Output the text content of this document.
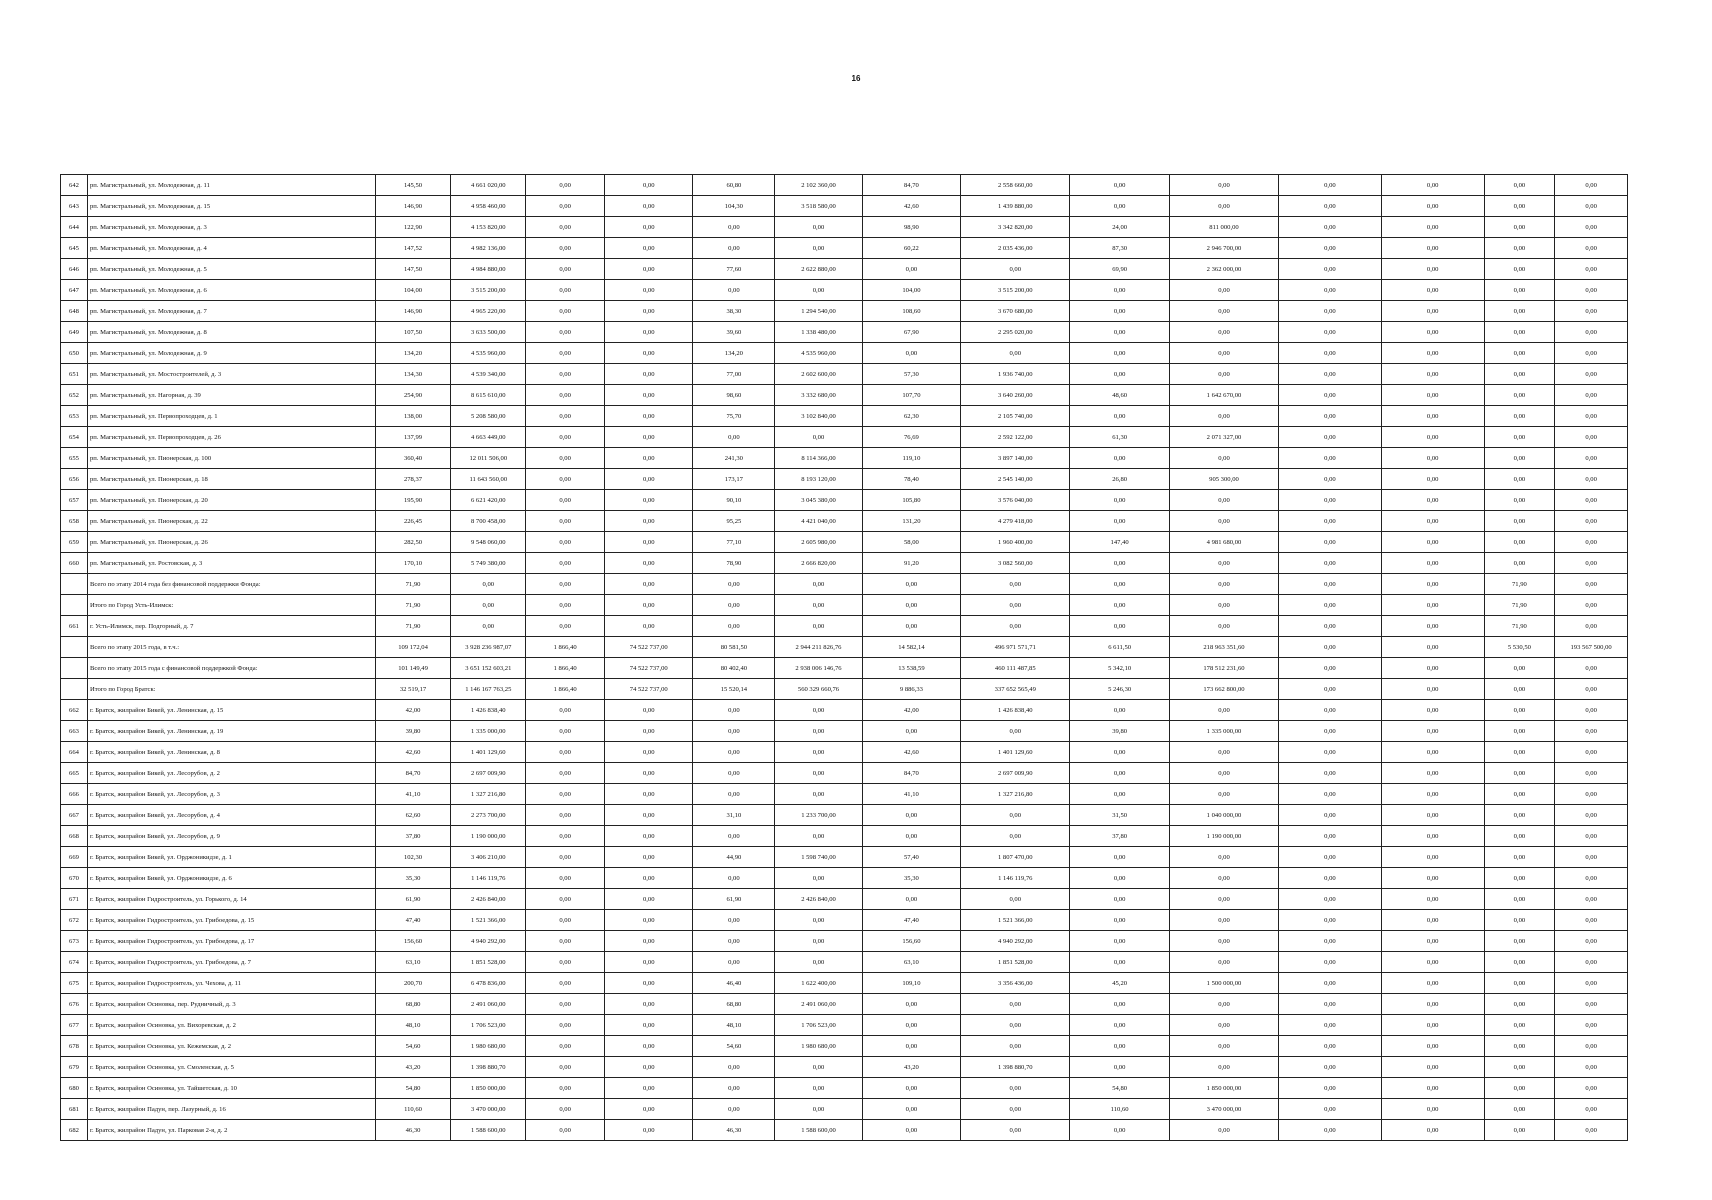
16
642	рп. Магистральный, ул. Молодежная, д. 11	145,50	4 661 020,00	0,00	0,00	60,80	2 102 360,00	84,70	2 558 660,00	0,00	0,00	0,00	0,00	0,00	0,00
643	рп. Магистральный, ул. Молодежная, д. 15	146,90	4 958 460,00	0,00	0,00	104,30	3 518 580,00	42,60	1 439 880,00	0,00	0,00	0,00	0,00	0,00	0,00
644	рп. Магистральный, ул. Молодежная, д. 3	122,90	4 153 820,00	0,00	0,00	0,00	0,00	98,90	3 342 820,00	24,00	811 000,00	0,00	0,00	0,00	0,00
645	рп. Магистральный, ул. Молодежная, д. 4	147,52	4 982 136,00	0,00	0,00	0,00	0,00	60,22	2 035 436,00	87,30	2 946 700,00	0,00	0,00	0,00	0,00
646	рп. Магистральный, ул. Молодежная, д. 5	147,50	4 984 880,00	0,00	0,00	77,60	2 622 880,00	0,00	0,00	69,90	2 362 000,00	0,00	0,00	0,00	0,00
647	рп. Магистральный, ул. Молодежная, д. 6	104,00	3 515 200,00	0,00	0,00	0,00	0,00	104,00	3 515 200,00	0,00	0,00	0,00	0,00	0,00	0,00
648	рп. Магистральный, ул. Молодежная, д. 7	146,90	4 965 220,00	0,00	0,00	38,30	1 294 540,00	108,60	3 670 680,00	0,00	0,00	0,00	0,00	0,00	0,00
649	рп. Магистральный, ул. Молодежная, д. 8	107,50	3 633 500,00	0,00	0,00	39,60	1 338 480,00	67,90	2 295 020,00	0,00	0,00	0,00	0,00	0,00	0,00
650	рп. Магистральный, ул. Молодежная, д. 9	134,20	4 535 960,00	0,00	0,00	134,20	4 535 960,00	0,00	0,00	0,00	0,00	0,00	0,00	0,00	0,00
651	рп. Магистральный, ул. Мостостроителей, д. 3	134,30	4 539 340,00	0,00	0,00	77,00	2 602 600,00	57,30	1 936 740,00	0,00	0,00	0,00	0,00	0,00	0,00
652	рп. Магистральный, ул. Нагорная, д. 39	254,90	8 615 610,00	0,00	0,00	98,60	3 332 680,00	107,70	3 640 260,00	48,60	1 642 670,00	0,00	0,00	0,00	0,00
653	рп. Магистральный, ул. Первопроходцев, д. 1	138,00	5 208 580,00	0,00	0,00	75,70	3 102 840,00	62,30	2 105 740,00	0,00	0,00	0,00	0,00	0,00	0,00
654	рп. Магистральный, ул. Первопроходцев, д. 26	137,99	4 663 449,00	0,00	0,00	0,00	0,00	76,69	2 592 122,00	61,30	2 071 327,00	0,00	0,00	0,00	0,00
655	рп. Магистральный, ул. Пионерская, д. 100	360,40	12 011 506,00	0,00	0,00	241,30	8 114 366,00	119,10	3 897 140,00	0,00	0,00	0,00	0,00	0,00	0,00
656	рп. Магистральный, ул. Пионерская, д. 18	278,37	11 643 560,00	0,00	0,00	173,17	8 193 120,00	78,40	2 545 140,00	26,80	905 300,00	0,00	0,00	0,00	0,00
657	рп. Магистральный, ул. Пионерская, д. 20	195,90	6 621 420,00	0,00	0,00	90,10	3 045 380,00	105,80	3 576 040,00	0,00	0,00	0,00	0,00	0,00	0,00
658	рп. Магистральный, ул. Пионерская, д. 22	226,45	8 700 458,00	0,00	0,00	95,25	4 421 040,00	131,20	4 279 418,00	0,00	0,00	0,00	0,00	0,00	0,00
659	рп. Магистральный, ул. Пионерская, д. 26	282,50	9 548 060,00	0,00	0,00	77,10	2 605 980,00	58,00	1 960 400,00	147,40	4 981 680,00	0,00	0,00	0,00	0,00
660	рп. Магистральный, ул. Ростовская, д. 3	170,10	5 749 380,00	0,00	0,00	78,90	2 666 820,00	91,20	3 082 560,00	0,00	0,00	0,00	0,00	0,00	0,00
	Всего по этапу 2014 года без финансовой поддержки Фонда:	71,90	0,00	0,00	0,00	0,00	0,00	0,00	0,00	0,00	0,00	0,00	0,00	71,90	0,00
	Итого по Город Усть-Илимск:	71,90	0,00	0,00	0,00	0,00	0,00	0,00	0,00	0,00	0,00	0,00	0,00	71,90	0,00
661	г. Усть-Илимск, пер. Подгорный, д. 7	71,90	0,00	0,00	0,00	0,00	0,00	0,00	0,00	0,00	0,00	0,00	0,00	71,90	0,00
	Всего по этапу 2015 года, в т.ч.:	109 172,04	3 928 236 987,07	1 866,40	74 522 737,00	80 581,50	2 944 211 826,76	14 582,14	496 971 571,71	6 611,50	218 963 351,60	0,00	0,00	5 530,50	193 567 500,00
	Всего по этапу 2015 года с финансовой поддержкой Фонда:	101 149,49	3 651 152 603,21	1 866,40	74 522 737,00	80 402,40	2 938 006 146,76	13 538,59	460 111 487,85	5 342,10	178 512 231,60	0,00	0,00	0,00	0,00
	Итого по Город Братск:	32 519,17	1 146 167 763,25	1 866,40	74 522 737,00	15 520,14	560 329 660,76	9 886,33	337 652 565,49	5 246,30	173 662 800,00	0,00	0,00	0,00	0,00
662	г. Братск, жилрайон Бикей, ул. Ленинская, д. 15	42,00	1 426 838,40	0,00	0,00	0,00	0,00	42,00	1 426 838,40	0,00	0,00	0,00	0,00	0,00	0,00
663	г. Братск, жилрайон Бикей, ул. Ленинская, д. 19	39,80	1 335 000,00	0,00	0,00	0,00	0,00	0,00	0,00	39,80	1 335 000,00	0,00	0,00	0,00	0,00
664	г. Братск, жилрайон Бикей, ул. Ленинская, д. 8	42,60	1 401 129,60	0,00	0,00	0,00	0,00	42,60	1 401 129,60	0,00	0,00	0,00	0,00	0,00	0,00
665	г. Братск, жилрайон Бикей, ул. Лесорубов, д. 2	84,70	2 697 009,90	0,00	0,00	0,00	0,00	84,70	2 697 009,90	0,00	0,00	0,00	0,00	0,00	0,00
666	г. Братск, жилрайон Бикей, ул. Лесорубов, д. 3	41,10	1 327 216,80	0,00	0,00	0,00	0,00	41,10	1 327 216,80	0,00	0,00	0,00	0,00	0,00	0,00
667	г. Братск, жилрайон Бикей, ул. Лесорубов, д. 4	62,60	2 273 700,00	0,00	0,00	31,10	1 233 700,00	0,00	0,00	31,50	1 040 000,00	0,00	0,00	0,00	0,00
668	г. Братск, жилрайон Бикей, ул. Лесорубов, д. 9	37,80	1 190 000,00	0,00	0,00	0,00	0,00	0,00	0,00	37,80	1 190 000,00	0,00	0,00	0,00	0,00
669	г. Братск, жилрайон Бикей, ул. Орджоникидзе, д. 1	102,30	3 406 210,00	0,00	0,00	44,90	1 598 740,00	57,40	1 807 470,00	0,00	0,00	0,00	0,00	0,00	0,00
670	г. Братск, жилрайон Бикей, ул. Орджоникидзе, д. 6	35,30	1 146 119,76	0,00	0,00	0,00	0,00	35,30	1 146 119,76	0,00	0,00	0,00	0,00	0,00	0,00
671	г. Братск, жилрайон Гидростроитель, ул. Горького, д. 14	61,90	2 426 840,00	0,00	0,00	61,90	2 426 840,00	0,00	0,00	0,00	0,00	0,00	0,00	0,00	0,00
672	г. Братск, жилрайон Гидростроитель, ул. Грибоедова, д. 15	47,40	1 521 366,00	0,00	0,00	0,00	0,00	47,40	1 521 366,00	0,00	0,00	0,00	0,00	0,00	0,00
673	г. Братск, жилрайон Гидростроитель, ул. Грибоедова, д. 17	156,60	4 940 292,00	0,00	0,00	0,00	0,00	156,60	4 940 292,00	0,00	0,00	0,00	0,00	0,00	0,00
674	г. Братск, жилрайон Гидростроитель, ул. Грибоедова, д. 7	63,10	1 851 528,00	0,00	0,00	0,00	0,00	63,10	1 851 528,00	0,00	0,00	0,00	0,00	0,00	0,00
675	г. Братск, жилрайон Гидростроитель, ул. Чехова, д. 11	200,70	6 478 836,00	0,00	0,00	46,40	1 622 400,00	109,10	3 356 436,00	45,20	1 500 000,00	0,00	0,00	0,00	0,00
676	г. Братск, жилрайон Осиновка, пер. Рудничный, д. 3	68,80	2 491 060,00	0,00	0,00	68,80	2 491 060,00	0,00	0,00	0,00	0,00	0,00	0,00	0,00	0,00
677	г. Братск, жилрайон Осиновка, ул. Вихоревская, д. 2	48,10	1 706 523,00	0,00	0,00	48,10	1 706 523,00	0,00	0,00	0,00	0,00	0,00	0,00	0,00	0,00
678	г. Братск, жилрайон Осиновка, ул. Кежемская, д. 2	54,60	1 980 680,00	0,00	0,00	54,60	1 980 680,00	0,00	0,00	0,00	0,00	0,00	0,00	0,00	0,00
679	г. Братск, жилрайон Осиновка, ул. Смоленская, д. 5	43,20	1 398 880,70	0,00	0,00	0,00	0,00	43,20	1 398 880,70	0,00	0,00	0,00	0,00	0,00	0,00
680	г. Братск, жилрайон Осиновка, ул. Тайшетская, д. 10	54,80	1 850 000,00	0,00	0,00	0,00	0,00	0,00	0,00	54,80	1 850 000,00	0,00	0,00	0,00	0,00
681	г. Братск, жилрайон Падун, пер. Лазурный, д. 16	110,60	3 470 000,00	0,00	0,00	0,00	0,00	0,00	0,00	110,60	3 470 000,00	0,00	0,00	0,00	0,00
682	г. Братск, жилрайон Падун, ул. Парковая 2-я, д. 2	46,30	1 588 600,00	0,00	0,00	46,30	1 588 600,00	0,00	0,00	0,00	0,00	0,00	0,00	0,00	0,00
